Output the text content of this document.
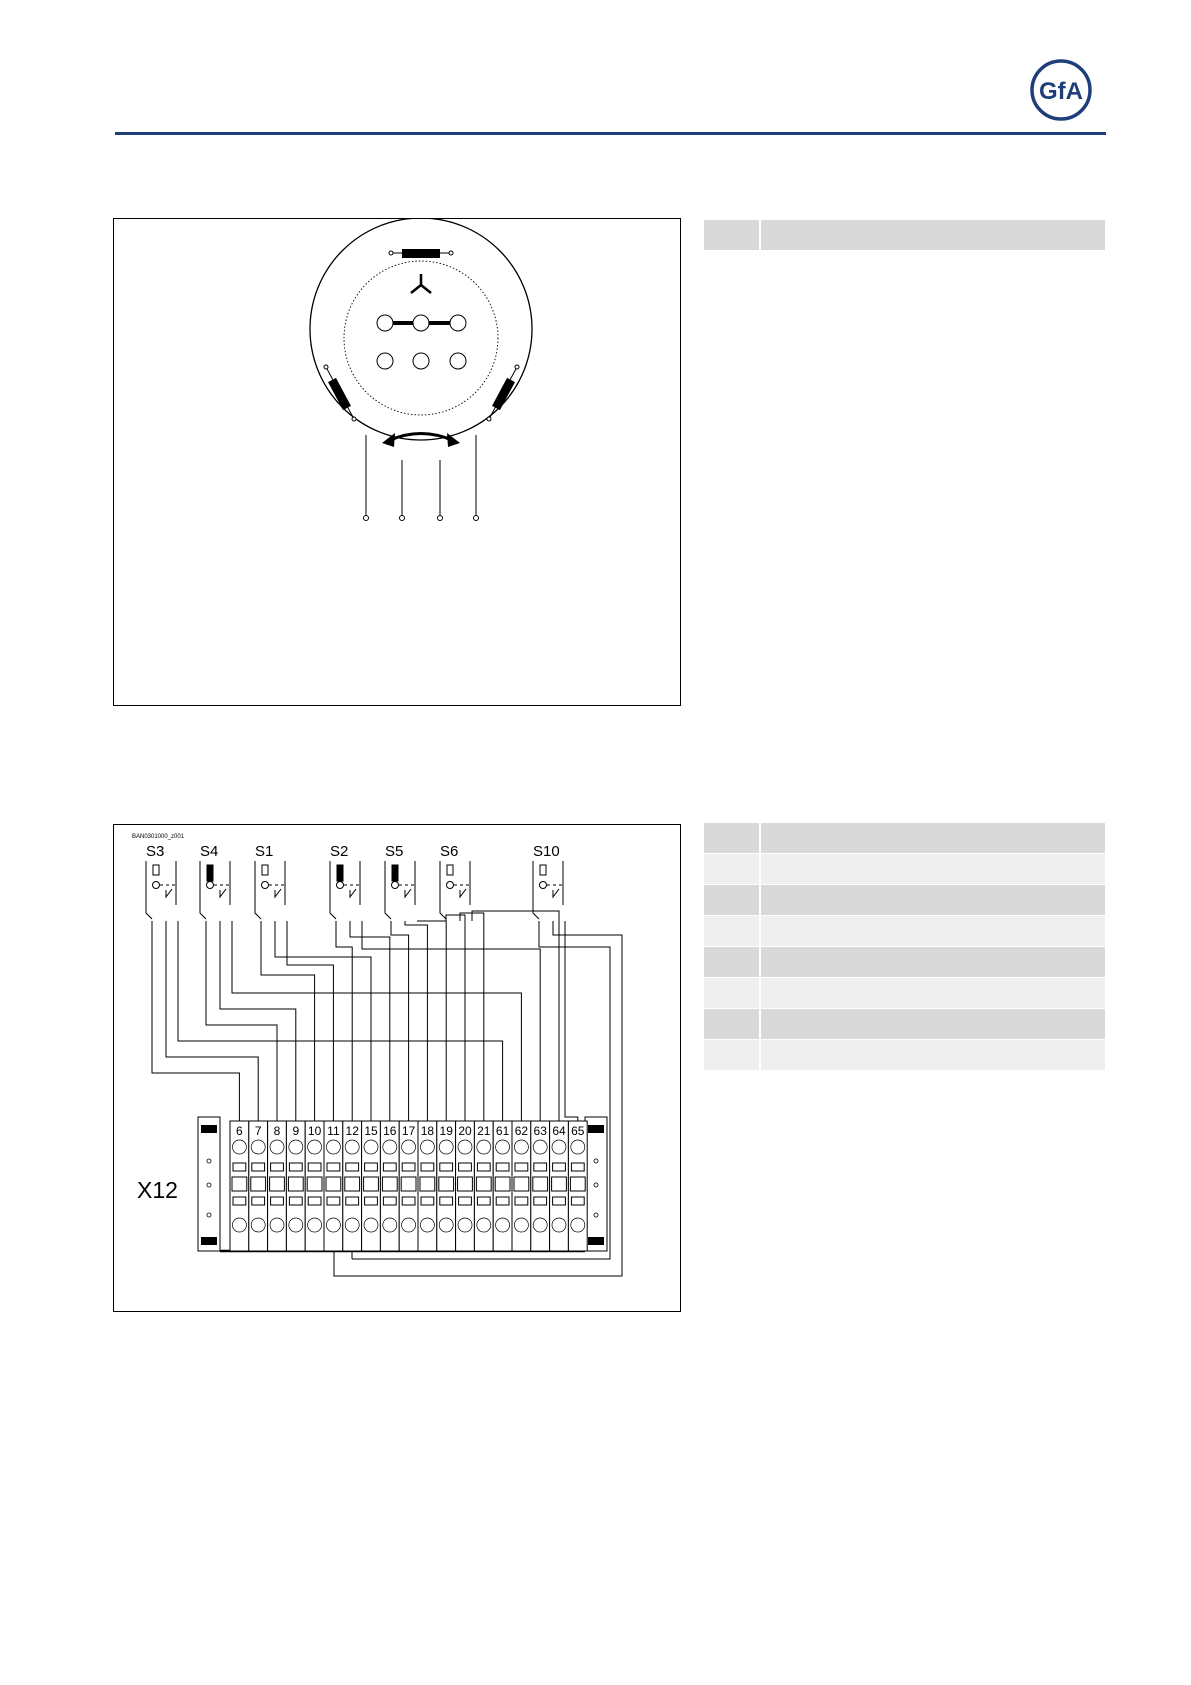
GfA

BAN0301000_z001
X12
6 7 8 9 10 11 12 15 16 17 18 19 20 21 61 62 63 64 65
S3 S4 S1	S2 S5 S6	S10
